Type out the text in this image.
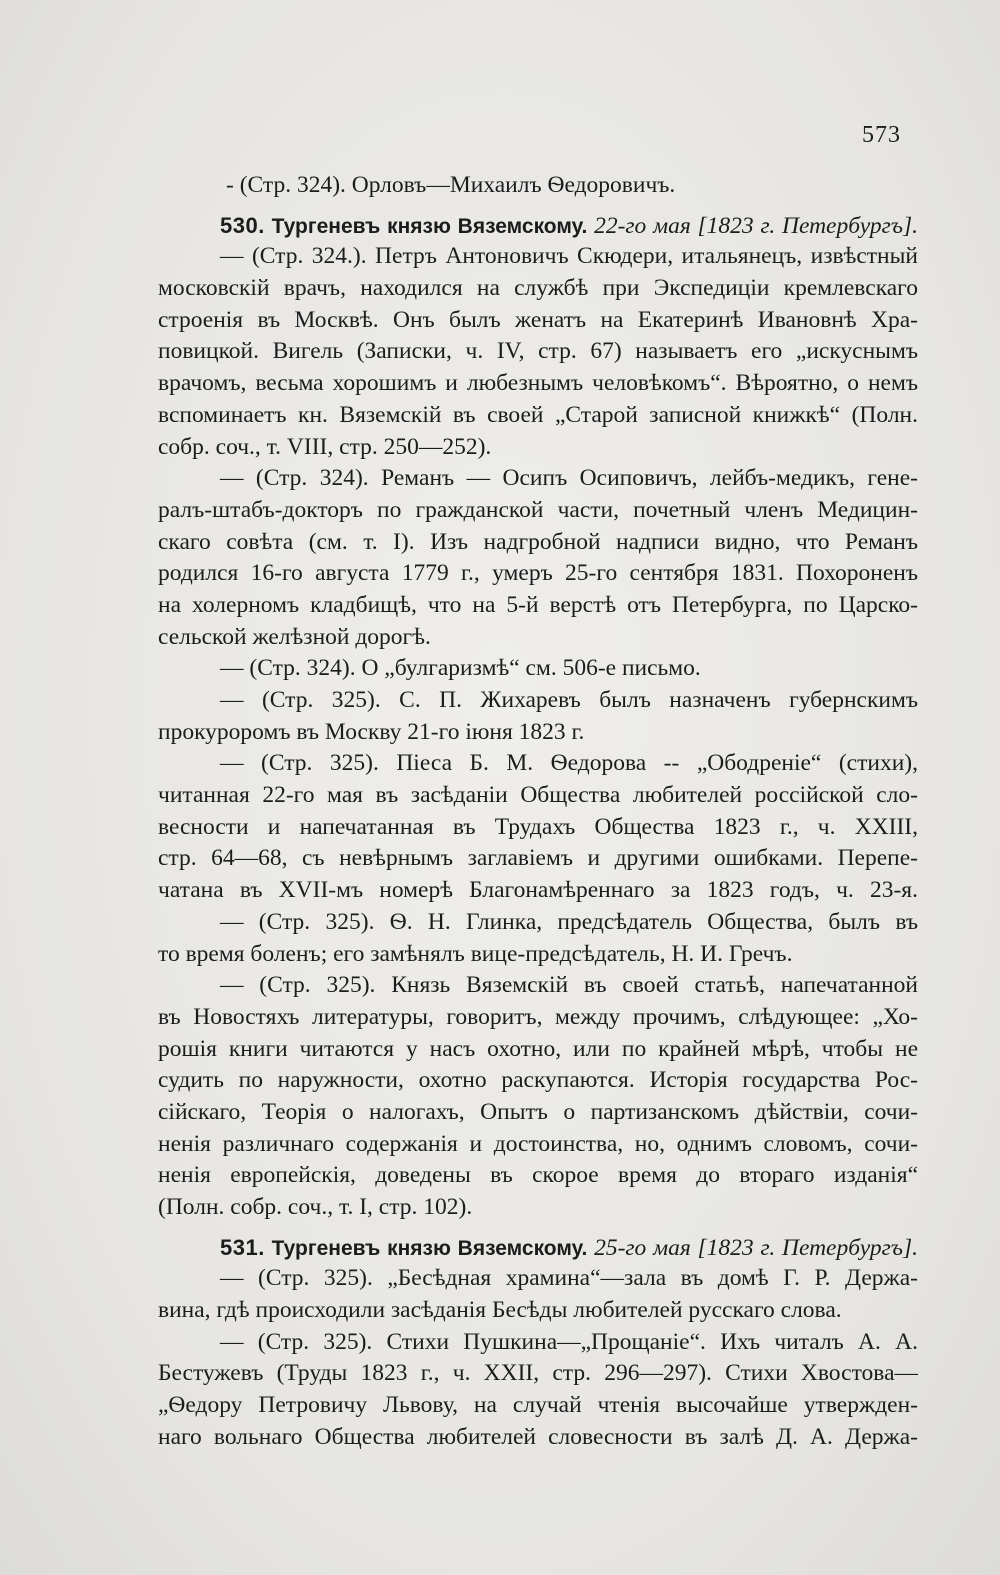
573
- (Стр. 324). Орловъ—Михаилъ Ѳедоровичъ.
530. Тургеневъ князю Вяземскому. 22-го мая [1823 г. Петербургъ].
— (Стр. 324.). Петръ Антоновичъ Скюдери, итальянецъ, извѣстный
московскій врачъ, находился на службѣ при Экспедиціи кремлевскаго
строенія въ Москвѣ. Онъ былъ женатъ на Екатеринѣ Ивановнѣ Хра-
повицкой. Вигель (Записки, ч. IV, стр. 67) называетъ его „искуснымъ
врачомъ, весьма хорошимъ и любезнымъ человѣкомъ“. Вѣроятно, о немъ
вспоминаетъ кн. Вяземскій въ своей „Старой записной книжкѣ“ (Полн.
собр. соч., т. VIII, стр. 250—252).
— (Стр. 324). Реманъ — Осипъ Осиповичъ, лейбъ-медикъ, гене-
ралъ-штабъ-докторъ по гражданской части, почетный членъ Медицин-
скаго совѣта (см. т. I). Изъ надгробной надписи видно, что Реманъ
родился 16-го августа 1779 г., умеръ 25-го сентября 1831. Похороненъ
на холерномъ кладбищѣ, что на 5-й верстѣ отъ Петербурга, по Царско-
сельской желѣзной дорогѣ.
— (Стр. 324). О „булгаризмѣ“ см. 506-е письмо.
— (Стр. 325). С. П. Жихаревъ былъ назначенъ губернскимъ
прокуроромъ въ Москву 21-го іюня 1823 г.
— (Стр. 325). Піеса Б. М. Ѳедорова -- „Ободреніе“ (стихи),
читанная 22-го мая въ засѣданіи Общества любителей россійской сло-
весности и напечатанная въ Трудахъ Общества 1823 г., ч. XXIII,
стр. 64—68, съ невѣрнымъ заглавіемъ и другими ошибками. Перепе-
чатана въ XVII-мъ номерѣ Благонамѣреннаго за 1823 годъ, ч. 23-я.
— (Стр. 325). Ѳ. Н. Глинка, предсѣдатель Общества, былъ въ
то время боленъ; его замѣнялъ вице-предсѣдатель, Н. И. Гречъ.
— (Стр. 325). Князь Вяземскій въ своей статьѣ, напечатанной
въ Новостяхъ литературы, говоритъ, между прочимъ, слѣдующее: „Хо-
рошія книги читаются у насъ охотно, или по крайней мѣрѣ, чтобы не
судить по наружности, охотно раскупаются. Исторія государства Рос-
сійскаго, Теорія о налогахъ, Опытъ о партизанскомъ дѣйствіи, сочи-
ненія различнаго содержанія и достоинства, но, однимъ словомъ, сочи-
ненія европейскія, доведены въ скорое время до втораго изданія“
(Полн. собр. соч., т. I, стр. 102).
531. Тургеневъ князю Вяземскому. 25-го мая [1823 г. Петербургъ].
— (Стр. 325). „Бесѣдная храмина“—зала въ домѣ Г. Р. Держа-
вина, гдѣ происходили засѣданія Бесѣды любителей русскаго слова.
— (Стр. 325). Стихи Пушкина—„Прощаніе“. Ихъ читалъ А. А.
Бестужевъ (Труды 1823 г., ч. XXII, стр. 296—297). Стихи Хвостова—
„Ѳедору Петровичу Львову, на случай чтенія высочайше утвержден-
наго вольнаго Общества любителей словесности въ залѣ Д. А. Держа-
